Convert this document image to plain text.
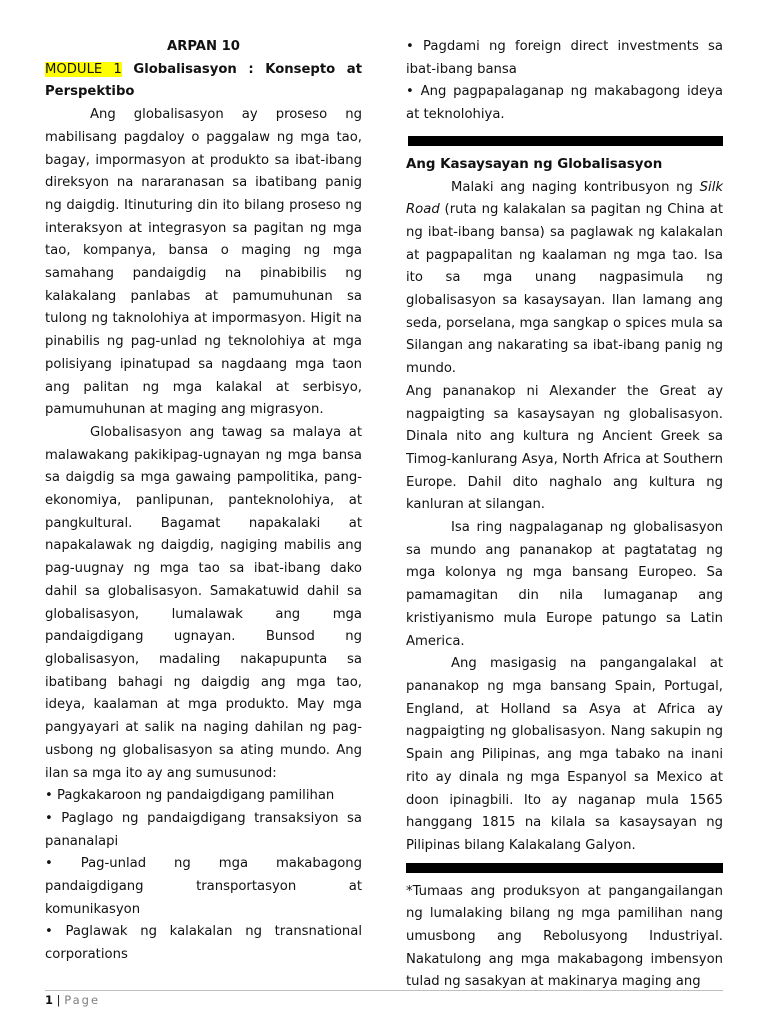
ARPAN 10

MODULE 1 Globalisasyon : Konsepto at Perspektibo

Ang globalisasyon ay proseso ng mabilisang pagdaloy o paggalaw ng mga tao, bagay, impormasyon at produkto sa ibat-ibang direksyon na nararanasan sa ibatibang panig ng daigdig. Itinuturing din ito bilang proseso ng interaksyon at integrasyon sa pagitan ng mga tao, kompanya, bansa o maging ng mga samahang pandaigdig na pinabibilis ng kalakalang panlabas at pamumuhunan sa tulong ng taknolohiya at impormasyon. Higit na pinabilis ng pag-unlad ng teknolohiya at mga polisiyang ipinatupad sa nagdaang mga taon ang palitan ng mga kalakal at serbisyo, pamumuhunan at maging ang migrasyon.

Globalisasyon ang tawag sa malaya at malawakang pakikipag-ugnayan ng mga bansa sa daigdig sa mga gawaing pampolitika, pang-ekonomiya, panlipunan, panteknolohiya, at pangkultural. Bagamat napakalaki at napakalawak ng daigdig, nagiging mabilis ang pag-uugnay ng mga tao sa ibat-ibang dako dahil sa globalisasyon. Samakatuwid dahil sa globalisasyon, lumalawak ang mga pandaigdigang ugnayan. Bunsod ng globalisasyon, madaling nakapupunta sa ibatibang bahagi ng daigdig ang mga tao, ideya, kaalaman at mga produkto. May mga pangyayari at salik na naging dahilan ng pag-usbong ng globalisasyon sa ating mundo. Ang ilan sa mga ito ay ang sumusunod:

• Pagkakaroon ng pandaigdigang pamilihan

• Paglago ng pandaigdigang transaksiyon sa pananalapi

• Pag-unlad ng mga makabagong pandaigdigang transportasyon at komunikasyon

• Paglawak ng kalakalan ng transnational corporations

• Pagdami ng foreign direct investments sa ibat-ibang bansa

• Ang pagpapalaganap ng makabagong ideya at teknolohiya.

Ang Kasaysayan ng Globalisasyon

Malaki ang naging kontribusyon ng Silk Road (ruta ng kalakalan sa pagitan ng China at ng ibat-ibang bansa) sa paglawak ng kalakalan at pagpapalitan ng kaalaman ng mga tao. Isa ito sa mga unang nagpasimula ng globalisasyon sa kasaysayan. Ilan lamang ang seda, porselana, mga sangkap o spices mula sa Silangan ang nakarating sa ibat-ibang panig ng mundo.

Ang pananakop ni Alexander the Great ay nagpaigting sa kasaysayan ng globalisasyon. Dinala nito ang kultura ng Ancient Greek sa Timog-kanlurang Asya, North Africa at Southern Europe. Dahil dito naghalo ang kultura ng kanluran at silangan.

Isa ring nagpalaganap ng globalisasyon sa mundo ang pananakop at pagtatatag ng mga kolonya ng mga bansang Europeo. Sa pamamagitan din nila lumaganap ang kristiyanismo mula Europe patungo sa Latin America.

Ang masigasig na pangangalakal at pananakop ng mga bansang Spain, Portugal, England, at Holland sa Asya at Africa ay nagpaigting ng globalisasyon. Nang sakupin ng Spain ang Pilipinas, ang mga tabako na inani rito ay dinala ng mga Espanyol sa Mexico at doon ipinagbili. Ito ay naganap mula 1565 hanggang 1815 na kilala sa kasaysayan ng Pilipinas bilang Kalakalang Galyon.

*Tumaas ang produksyon at pangangailangan ng lumalaking bilang ng mga pamilihan nang umusbong ang Rebolusyong Industriyal. Nakatulong ang mga makabagong imbensyon tulad ng sasakyan at makinarya maging ang

1 | Page
